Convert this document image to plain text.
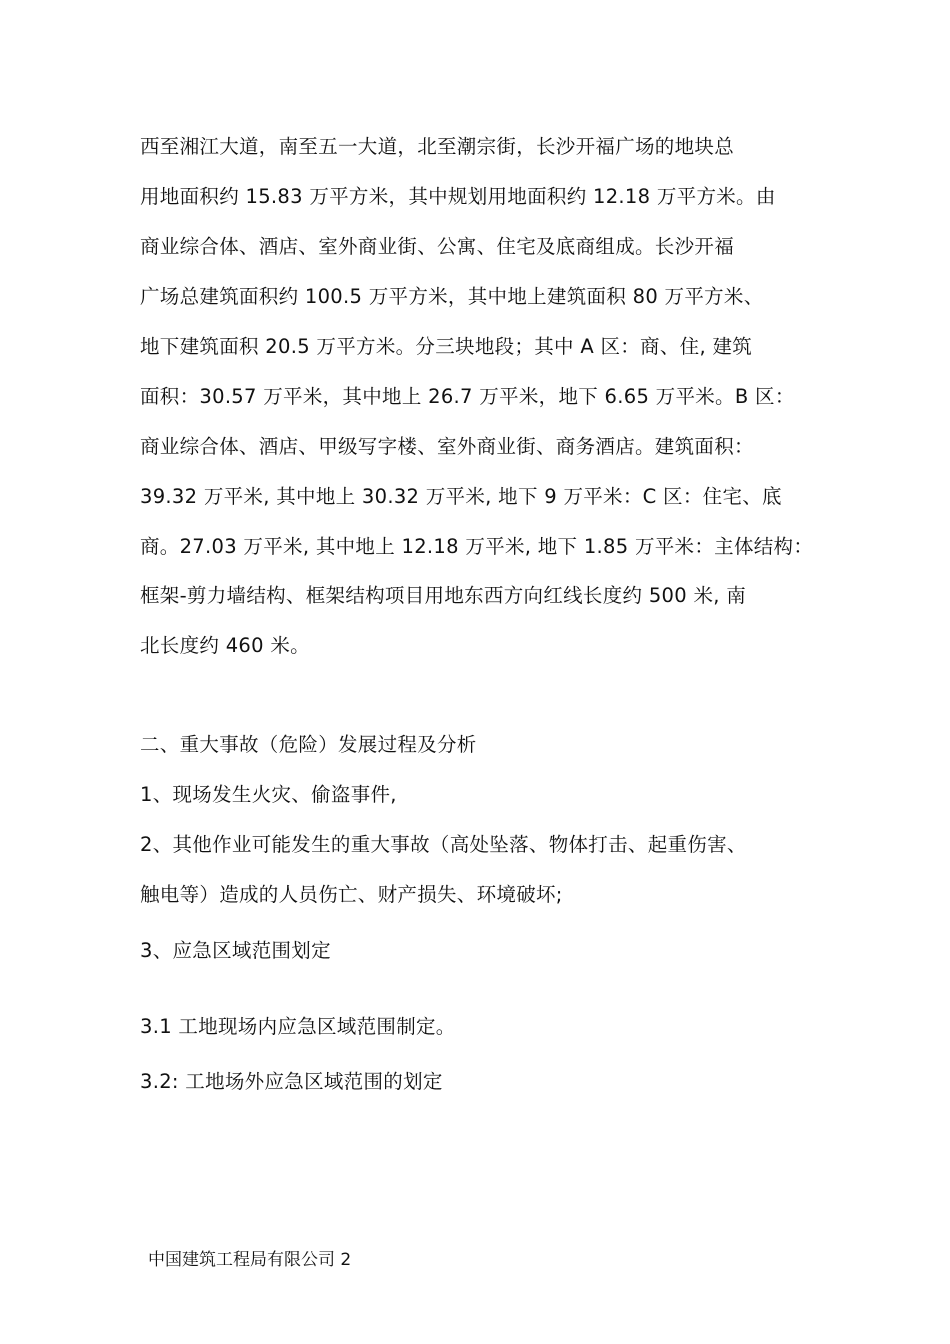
西至湘江大道，南至五一大道，北至潮宗街，长沙开福广场的地块总
用地面积约 15.83 万平方米，其中规划用地面积约 12.18 万平方米。由
商业综合体、酒店、室外商业街、公寓、住宅及底商组成。长沙开福
广场总建筑面积约 100.5 万平方米，其中地上建筑面积 80 万平方米、
地下建筑面积 20.5 万平方米。分三块地段；其中 A 区：商、住, 建筑
面积：30.57 万平米，其中地上 26.7 万平米，地下 6.65 万平米。B 区：
商业综合体、酒店、甲级写字楼、室外商业街、商务酒店。建筑面积：
39.32 万平米, 其中地上 30.32 万平米, 地下 9 万平米：C 区：住宅、底
商。27.03 万平米, 其中地上 12.18 万平米, 地下 1.85 万平米：主体结构：
框架-剪力墙结构、框架结构项目用地东西方向红线长度约 500 米, 南
北长度约 460 米。
二、重大事故（危险）发展过程及分析
1、现场发生火灾、偷盗事件,
2、其他作业可能发生的重大事故（高处坠落、物体打击、起重伤害、
触电等）造成的人员伤亡、财产损失、环境破坏;
3、应急区域范围划定
3.1 工地现场内应急区域范围制定。
3.2: 工地场外应急区域范围的划定
中国建筑工程局有限公司 2
